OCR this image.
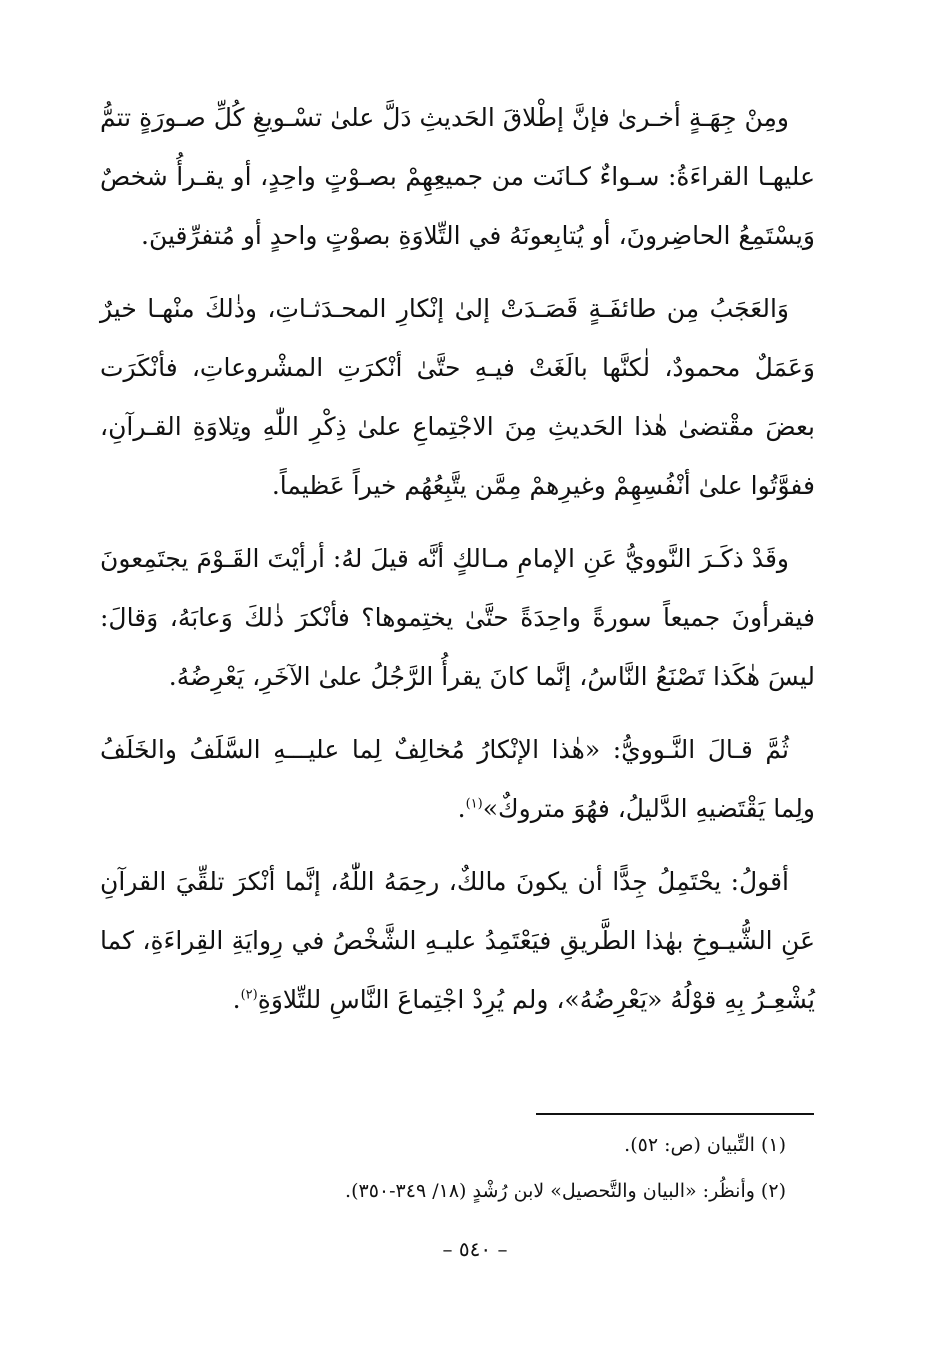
ومِنْ جِهَـةٍ أخـرىٰ فإنَّ إطْلاقَ الحَديثِ دَلَّ علىٰ تسْـويغِ كُلِّ صـورَةٍ تتمُّ عليهـا القراءَةُ: سـواءٌ كـانَت من جميعِهِمْ بصـوْتٍ واحِدٍ، أو يقـرأُ شخصٌ وَيسْتَمِعُ الحاضِرونَ، أو يُتابِعونَهُ في التِّلاوَةِ بصوْتٍ واحدٍ أو مُتفرِّقينَ.

وَالعَجَبُ مِن طائفَـةٍ قَصَـدَتْ إلىٰ إنْكارِ المحـدَثـاتِ، وذٰلكَ منْهـا خيرٌ وَعَمَلٌ محمودٌ، لٰكنَّها بالَغَتْ فيـهِ حتَّىٰ أنْكرَتِ المشْروعاتِ، فأنْكَرَت بعضَ مقْتضىٰ هٰذا الحَديثِ مِنَ الاجْتِماعِ علىٰ ذِكْرِ اللّٰهِ وتِلاوَةِ القـرآنِ، ففوَّتُوا علىٰ أنْفُسِهِمْ وغيرِهمْ مِمَّن يتَّبِعُهُم خيراً عَظيماً.

وقَدْ ذكَـرَ النَّوويُّ عَنِ الإمامِ مـالكٍ أنَّه قيلَ لهُ: أرأيْتَ القَـوْمَ يجتَمِعونَ فيقرأونَ جميعاً سورةً واحِدَةً حتَّىٰ يختِموها؟ فأنْكرَ ذٰلكَ وَعابَهُ، وَقالَ: ليسَ هٰكَذا تَصْنَعُ النَّاسُ، إنَّما كانَ يقرأُ الرَّجُلُ علىٰ الآخَرِ، يَعْرِضُهُ.

ثُمَّ قـالَ النَّـوويُّ: «هٰذا الإنْكارُ مُخالِفٌ لِما عليـــهِ السَّلَفُ والخَلَفُ ولِما يَقْتَضيهِ الدَّليلُ، فهُوَ متروكٌ»$^{(١)}$.

أقولُ: يحْتَمِلُ جِدًّا أن يكونَ مالكٌ، رحِمَهُ اللّٰهُ، إنَّما أنْكرَ تلقِّيَ القرآنِ عَنِ الشُّيـوخِ بهٰذا الطَّريقِ فيَعْتَمِدُ عليـهِ الشَّخْصُ في رِوايَةِ القِراءَةِ، كما يُشْعِـرُ بِهِ قوْلُهُ «يَعْرِضُهُ»، ولم يُرِدْ اجْتِماعَ النَّاسِ للتِّلاوَةِ$^{(٢)}$.

(١) التِّبيان (ص: ٥٢).

(٢) وأنظُر: «البيان والتَّحصيل» لابن رُشْدٍ (١٨/ ٣٤٩-٣٥٠).

– ٥٤٠ –
